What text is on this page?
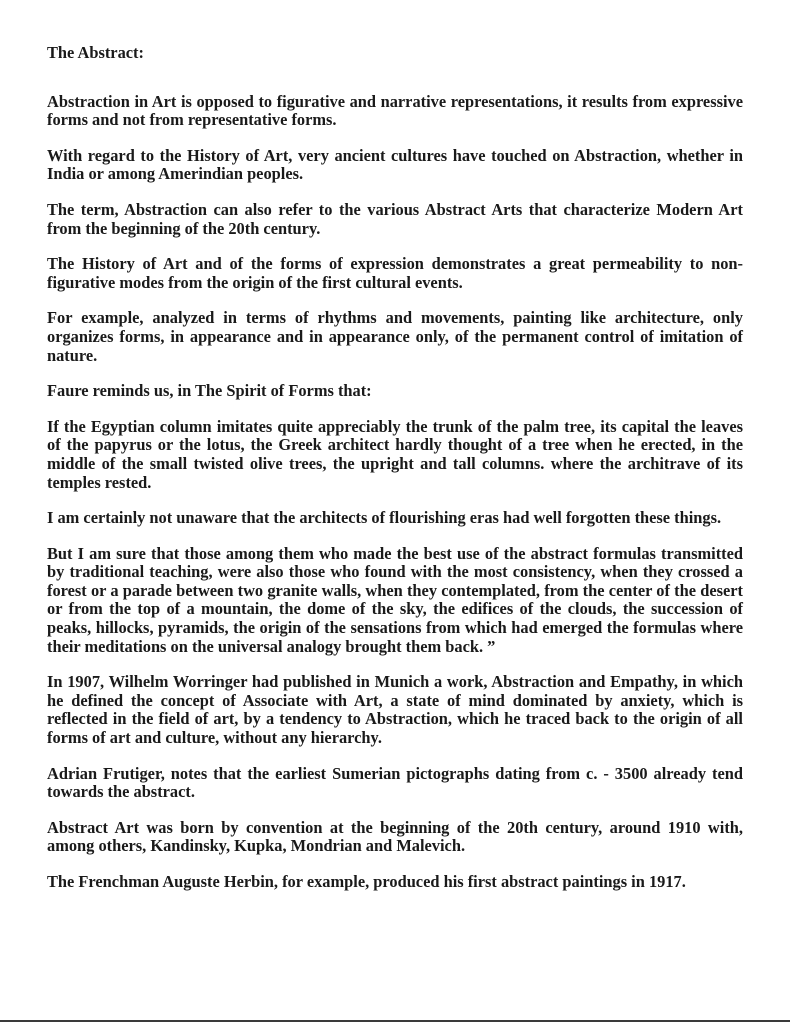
The Abstract:

Abstraction in Art is opposed to figurative and narrative representations, it results from expressive forms and not from representative forms.

With regard to the History of Art, very ancient cultures have touched on Abstraction, whether in India or among Amerindian peoples.

The term, Abstraction can also refer to the various Abstract Arts that characterize Modern Art from the beginning of the 20th century.

The History of Art and of the forms of expression demonstrates a great permeability to non-figurative modes from the origin of the first cultural events.

For example, analyzed in terms of rhythms and movements, painting like architecture, only organizes forms, in appearance and in appearance only, of the permanent control of imitation of nature.

Faure reminds us, in The Spirit of Forms that:

If the Egyptian column imitates quite appreciably the trunk of the palm tree, its capital the leaves of the papyrus or the lotus, the Greek architect hardly thought of a tree when he erected, in the middle of the small twisted olive trees, the upright and tall columns. where the architrave of its temples rested.

I am certainly not unaware that the architects of flourishing eras had well forgotten these things.

But I am sure that those among them who made the best use of the abstract formulas transmitted by traditional teaching, were also those who found with the most consistency, when they crossed a forest or a parade between two granite walls, when they contemplated, from the center of the desert or from the top of a mountain, the dome of the sky, the edifices of the clouds, the succession of peaks, hillocks, pyramids, the origin of the sensations from which had emerged the formulas where their meditations on the universal analogy brought them back. ”

In 1907, Wilhelm Worringer had published in Munich a work, Abstraction and Empathy, in which he defined the concept of Associate with Art, a state of mind dominated by anxiety, which is reflected in the field of art, by a tendency to Abstraction, which he traced back to the origin of all forms of art and culture, without any hierarchy.

Adrian Frutiger, notes that the earliest Sumerian pictographs dating from c. - 3500 already tend towards the abstract.

Abstract Art was born by convention at the beginning of the 20th century, around 1910 with, among others, Kandinsky, Kupka, Mondrian and Malevich.

The Frenchman Auguste Herbin, for example, produced his first abstract paintings in 1917.
